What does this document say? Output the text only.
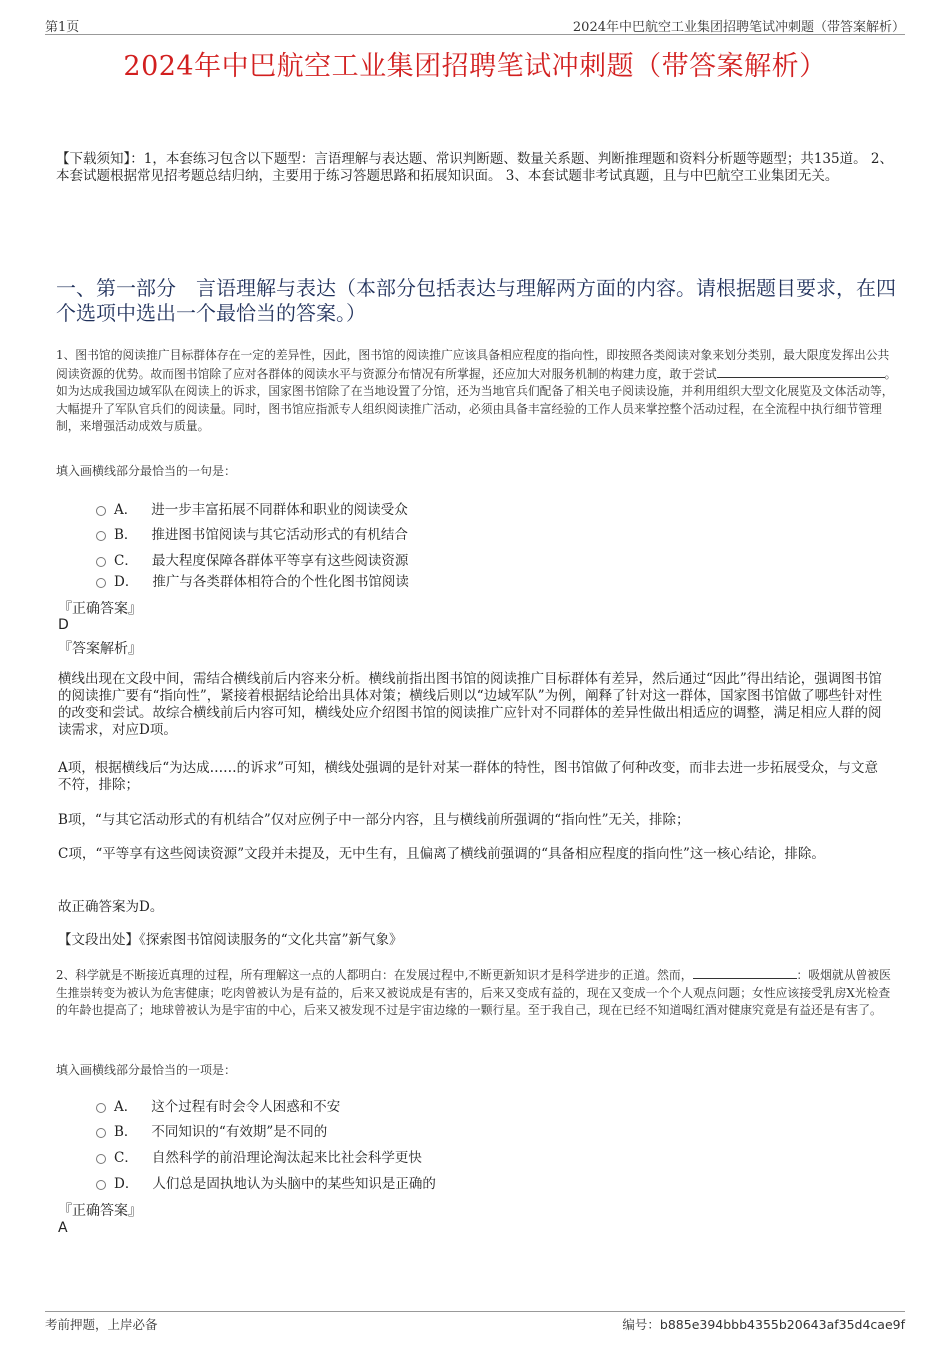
第1页	2024年中巴航空工业集团招聘笔试冲刺题（带答案解析）
2024年中巴航空工业集团招聘笔试冲刺题（带答案解析）
【下载须知】：1，本套练习包含以下题型：言语理解与表达题、常识判断题、数量关系题、判断推理题和资料分析题等题型；共135道。 2、本套试题根据常见招考题总结归纳，主要用于练习答题思路和拓展知识面。 3、本套试题非考试真题，且与中巴航空工业集团无关。
一、第一部分　言语理解与表达（本部分包括表达与理解两方面的内容。请根据题目要求，在四个选项中选出一个最恰当的答案。）
1、图书馆的阅读推广目标群体存在一定的差异性，因此，图书馆的阅读推广应该具备相应程度的指向性，即按照各类阅读对象来划分类别，最大限度发挥出公共阅读资源的优势。故而图书馆除了应对各群体的阅读水平与资源分布情况有所掌握，还应加大对服务机制的构建力度，敢于尝试	。如为达成我国边域军队在阅读上的诉求，国家图书馆除了在当地设置了分馆，还为当地官兵们配备了相关电子阅读设施，并利用组织大型文化展览及文体活动等，大幅提升了军队官兵们的阅读量。同时，图书馆应指派专人组织阅读推广活动，必须由具备丰富经验的工作人员来掌控整个活动过程，在全流程中执行细节管理制，来增强活动成效与质量。
填入画横线部分最恰当的一句是：
A． 进一步丰富拓展不同群体和职业的阅读受众
B． 推进图书馆阅读与其它活动形式的有机结合
C． 最大程度保障各群体平等享有这些阅读资源
D． 推广与各类群体相符合的个性化图书馆阅读
『正确答案』
D
『答案解析』
横线出现在文段中间，需结合横线前后内容来分析。横线前指出图书馆的阅读推广目标群体有差异，然后通过“因此”得出结论，强调图书馆的阅读推广要有“指向性”，紧接着根据结论给出具体对策；横线后则以“边域军队”为例，阐释了针对这一群体，国家图书馆做了哪些针对性的改变和尝试。故综合横线前后内容可知，横线处应介绍图书馆的阅读推广应针对不同群体的差异性做出相适应的调整，满足相应人群的阅读需求，对应D项。
A项，根据横线后“为达成……的诉求”可知，横线处强调的是针对某一群体的特性，图书馆做了何种改变，而非去进一步拓展受众，与文意不符，排除；
B项，“与其它活动形式的有机结合”仅对应例子中一部分内容，且与横线前所强调的“指向性”无关，排除；
C项，“平等享有这些阅读资源”文段并未提及，无中生有，且偏离了横线前强调的“具备相应程度的指向性”这一核心结论，排除。
故正确答案为D。
【文段出处】《探索图书馆阅读服务的“文化共富”新气象》
2、科学就是不断接近真理的过程，所有理解这一点的人都明白：在发展过程中,不断更新知识才是科学进步的正道。然而，	：吸烟就从曾被医生推崇转变为被认为危害健康；吃肉曾被认为是有益的，后来又被说成是有害的，后来又变成有益的，现在又变成一个个人观点问题；女性应该接受乳房X光检查的年龄也提高了；地球曾被认为是宇宙的中心，后来又被发现不过是宇宙边缘的一颗行星。至于我自己，现在已经不知道喝红酒对健康究竟是有益还是有害了。
填入画横线部分最恰当的一项是：
A． 这个过程有时会令人困惑和不安
B． 不同知识的“有效期”是不同的
C． 自然科学的前沿理论淘汰起来比社会科学更快
D． 人们总是固执地认为头脑中的某些知识是正确的
『正确答案』
A
考前押题，上岸必备	编号：b885e394bbb4355b20643af35d4cae9f
